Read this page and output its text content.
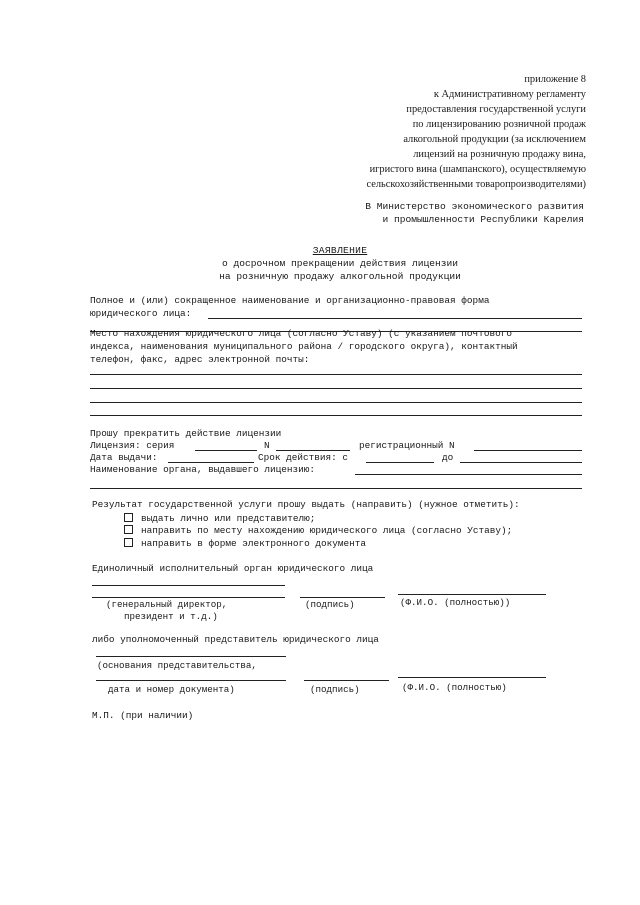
приложение 8
к Административному регламенту
предоставления государственной услуги
по лицензированию розничной продаж
алкогольной продукции (за исключением
лицензий на розничную продажу вина,
игристого вина (шампанского), осуществляемую
сельскохозяйственными товаропроизводителями)
В Министерство экономического развития
и промышленности Республики Карелия
ЗАЯВЛЕНИЕ
о досрочном прекращении действия лицензии
на розничную продажу алкогольной продукции
Полное и (или) сокращенное наименование и организационно-правовая форма
юридического лица:
Место нахождения юридического лица (согласно Уставу) (с указанием почтового
индекса, наименования муниципального района / городского округа), контактный
телефон, факс, адрес электронной почты:
Прошу прекратить действие лицензии
Лицензия: серия	N	регистрационный N
Дата выдачи:	Срок действия: с	до
Наименование органа, выдавшего лицензию:
Результат государственной услуги прошу выдать (направить) (нужное отметить):
выдать лично или представителю;
направить по месту нахождению юридического лица (согласно Уставу);
направить в форме электронного документа
Единоличный исполнительный орган юридического лица
(генеральный директор,
президент и т.д.)
(подпись)	(Ф.И.О. (полностью))
либо уполномоченный представитель юридического лица
(основания представительства,
дата и номер документа)	(подпись)	(Ф.И.О. (полностью)
М.П. (при наличии)
